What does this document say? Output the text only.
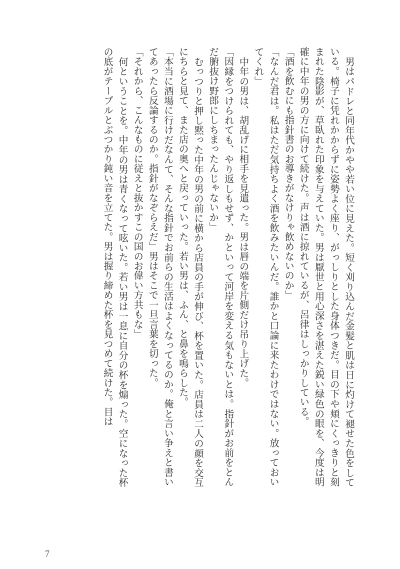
男はパドレと同年代かやや若い位に見えた。短く刈り込んだ金髪と肌は日に灼けて褪せた色をしている。椅子に凭れかからずに姿勢よく座り、がっしりとした身体つきだ。目の下や頬にくっきりと刻まれた陰影が、草臥れた印象を与えていた。男は厭世と用心深さを湛えた鋭い緑色の眼を、今度は明確に中年の男の方に向けて続けた。声は酒に掠れているが、呂律はしっかりしている。

「酒を飲むにも指針書のお導きがなけりゃ飲めないのか」

「なんだ君は。私はただ気持ちよく酒を飲みたいんだ。誰かと口論に来たわけではない。放っておいてくれ」

中年の男は、胡乱げに相手を見遣った。男は唇の端を片側だけ吊り上げた。

「因縁をつけられても、やり返しもせず、かといって河岸を変える気もないとは。指針がお前をとんだ腑抜け野郎にしちまったんじゃないか」

むっつりと押し黙った中年の男の前に横から店員の手が伸び、杯を置いた。店員は二人の顔を交互にちらと見て、また店の奥へと戻っていった。若い男は、ふん、と鼻を鳴らした。

「本当に酒場に行けだなんて、そんな指針でお前らの生活はよくなってるのか。俺と言い争えと書いてあったら反論するのか。指針がなぞらえだ」男はそこで一旦言葉を切った。

「それから、こんなものに従えと抜かすこの国のお偉い方共もな」

何ということを。中年の男は青くなって呟いた。若い男は一息に自分の杯を煽った。空になった杯の底がテーブルとぶつかり鈍い音を立てた。男は握り締めた杯を見つめて続けた。目は

7
